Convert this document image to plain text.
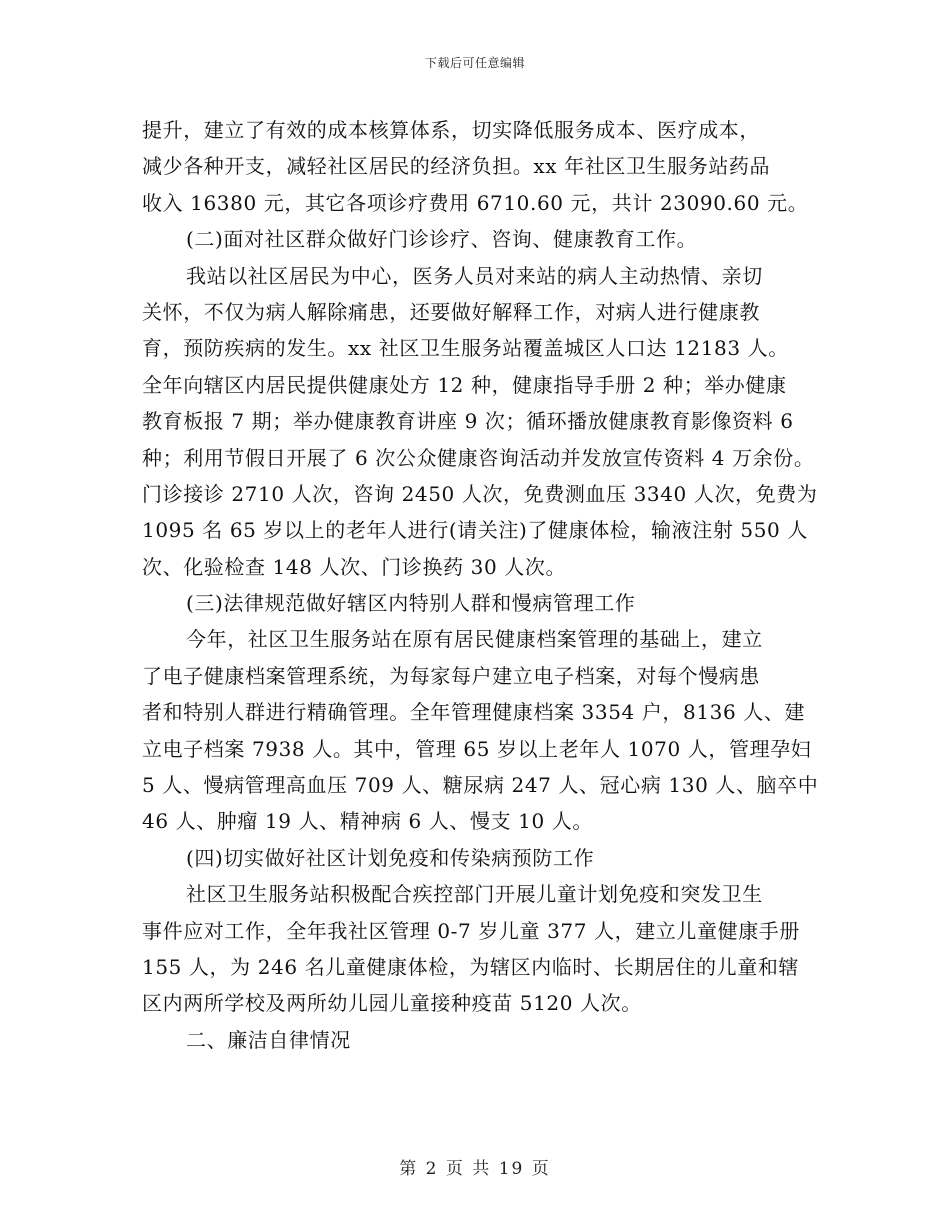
下载后可任意编辑
提升，建立了有效的成本核算体系，切实降低服务成本、医疗成本，
减少各种开支，减轻社区居民的经济负担。xx 年社区卫生服务站药品
收入 16380 元，其它各项诊疗费用 6710.60 元，共计 23090.60 元。
(二)面对社区群众做好门诊诊疗、咨询、健康教育工作。
我站以社区居民为中心，医务人员对来站的病人主动热情、亲切
关怀，不仅为病人解除痛患，还要做好解释工作，对病人进行健康教
育，预防疾病的发生。xx 社区卫生服务站覆盖城区人口达 12183 人。
全年向辖区内居民提供健康处方 12 种，健康指导手册 2 种；举办健康
教育板报 7 期；举办健康教育讲座 9 次；循环播放健康教育影像资料 6
种；利用节假日开展了 6 次公众健康咨询活动并发放宣传资料 4 万余份。
门诊接诊 2710 人次，咨询 2450 人次，免费测血压 3340 人次，免费为
1095 名 65 岁以上的老年人进行(请关注)了健康体检，输液注射 550 人
次、化验检查 148 人次、门诊换药 30 人次。
(三)法律规范做好辖区内特别人群和慢病管理工作
今年，社区卫生服务站在原有居民健康档案管理的基础上，建立
了电子健康档案管理系统，为每家每户建立电子档案，对每个慢病患
者和特别人群进行精确管理。全年管理健康档案 3354 户，8136 人、建
立电子档案 7938 人。其中，管理 65 岁以上老年人 1070 人，管理孕妇
5 人、慢病管理高血压 709 人、糖尿病 247 人、冠心病 130 人、脑卒中
46 人、肿瘤 19 人、精神病 6 人、慢支 10 人。
(四)切实做好社区计划免疫和传染病预防工作
社区卫生服务站积极配合疾控部门开展儿童计划免疫和突发卫生
事件应对工作，全年我社区管理 0-7 岁儿童 377 人，建立儿童健康手册
155 人，为 246 名儿童健康体检，为辖区内临时、长期居住的儿童和辖
区内两所学校及两所幼儿园儿童接种疫苗 5120 人次。
二、廉洁自律情况
第 2 页 共 19 页
